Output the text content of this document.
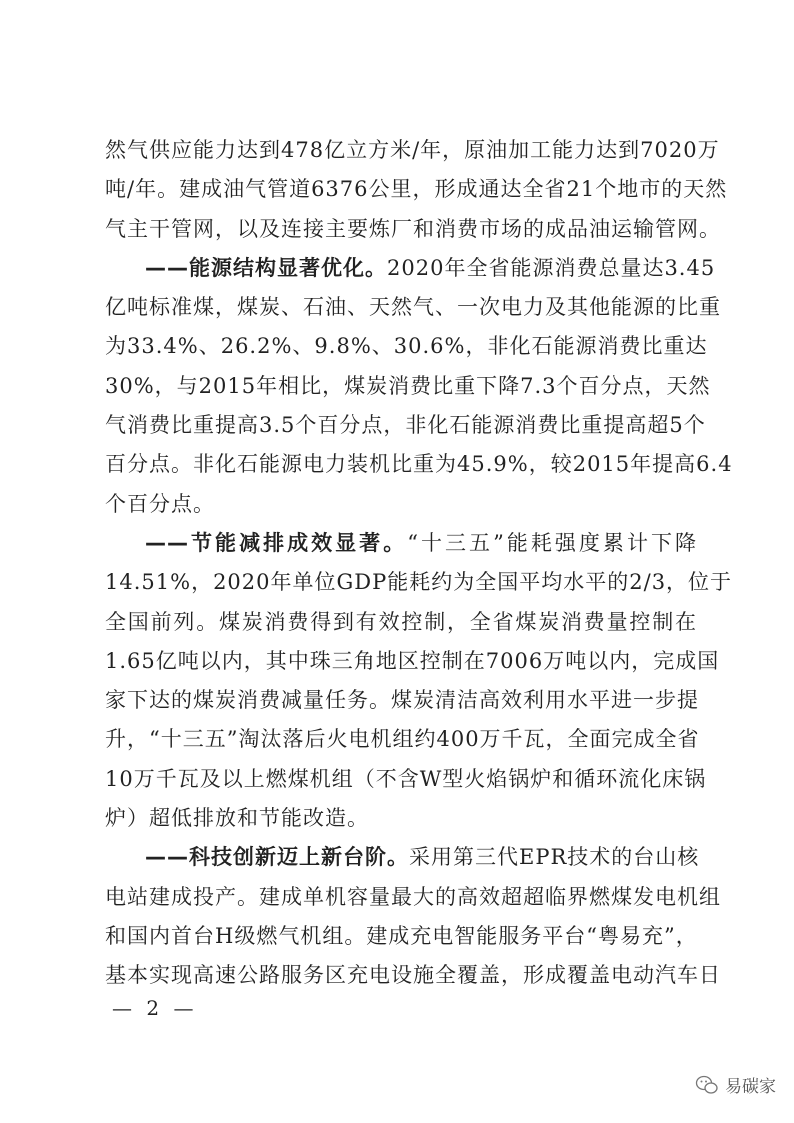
然气供应能力达到478亿立方米/年，原油加工能力达到7020万
吨/年。建成油气管道6376公里，形成通达全省21个地市的天然
气主干管网，以及连接主要炼厂和消费市场的成品油运输管网。
——能源结构显著优化。2020年全省能源消费总量达3.45
亿吨标准煤，煤炭、石油、天然气、一次电力及其他能源的比重
为33.4%、26.2%、9.8%、30.6%，非化石能源消费比重达
30%，与2015年相比，煤炭消费比重下降7.3个百分点，天然
气消费比重提高3.5个百分点，非化石能源消费比重提高超5个
百分点。非化石能源电力装机比重为45.9%，较2015年提高6.4
个百分点。
——节能减排成效显著。“十三五”能耗强度累计下降
14.51%，2020年单位GDP能耗约为全国平均水平的2/3，位于
全国前列。煤炭消费得到有效控制，全省煤炭消费量控制在
1.65亿吨以内，其中珠三角地区控制在7006万吨以内，完成国
家下达的煤炭消费减量任务。煤炭清洁高效利用水平进一步提
升，“十三五”淘汰落后火电机组约400万千瓦，全面完成全省
10万千瓦及以上燃煤机组（不含W型火焰锅炉和循环流化床锅
炉）超低排放和节能改造。
——科技创新迈上新台阶。采用第三代EPR技术的台山核
电站建成投产。建成单机容量最大的高效超超临界燃煤发电机组
和国内首台H级燃气机组。建成充电智能服务平台“粤易充”，
基本实现高速公路服务区充电设施全覆盖，形成覆盖电动汽车日
— 2 —
易碳家
